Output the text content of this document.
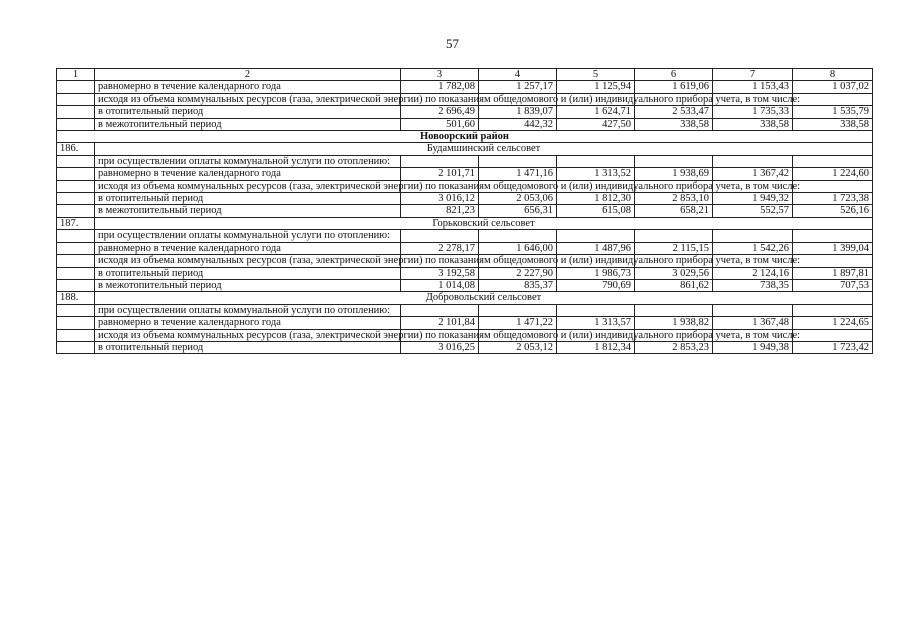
57
1	2	3	4	5	6	7	8
	равномерно в течение календарного года	1 782,08	1 257,17	1 125,94	1 619,06	1 153,43	1 037,02
	исходя из объема коммунальных ресурсов (газа, электрической энергии) по показаниям общедомового и (или) индивидуального прибора учета, в том числе:						
	в отопительный период	2 696,49	1 839,07	1 624,71	2 533,47	1 735,33	1 535,79
	в межотопительный период	501,60	442,32	427,50	338,58	338,58	338,58
Новоорский район							
186.	Будамшинский сельсовет						
	при осуществлении оплаты коммунальной услуги по отоплению:						
	равномерно в течение календарного года	2 101,71	1 471,16	1 313,52	1 938,69	1 367,42	1 224,60
	исходя из объема коммунальных ресурсов (газа, электрической энергии) по показаниям общедомового и (или) индивидуального прибора учета, в том числе:						
	в отопительный период	3 016,12	2 053,06	1 812,30	2 853,10	1 949,32	1 723,38
	в межотопительный период	821,23	656,31	615,08	658,21	552,57	526,16
187.	Горьковский сельсовет						
	при осуществлении оплаты коммунальной услуги по отоплению:						
	равномерно в течение календарного года	2 278,17	1 646,00	1 487,96	2 115,15	1 542,26	1 399,04
	исходя из объема коммунальных ресурсов (газа, электрической энергии) по показаниям общедомового и (или) индивидуального прибора учета, в том числе:						
	в отопительный период	3 192,58	2 227,90	1 986,73	3 029,56	2 124,16	1 897,81
	в межотопительный период	1 014,08	835,37	790,69	861,62	738,35	707,53
188.	Добровольский сельсовет						
	при осуществлении оплаты коммунальной услуги по отоплению:						
	равномерно в течение календарного года	2 101,84	1 471,22	1 313,57	1 938,82	1 367,48	1 224,65
	исходя из объема коммунальных ресурсов (газа, электрической энергии) по показаниям общедомового и (или) индивидуального прибора учета, в том числе:						
	в отопительный период	3 016,25	2 053,12	1 812,34	2 853,23	1 949,38	1 723,42
